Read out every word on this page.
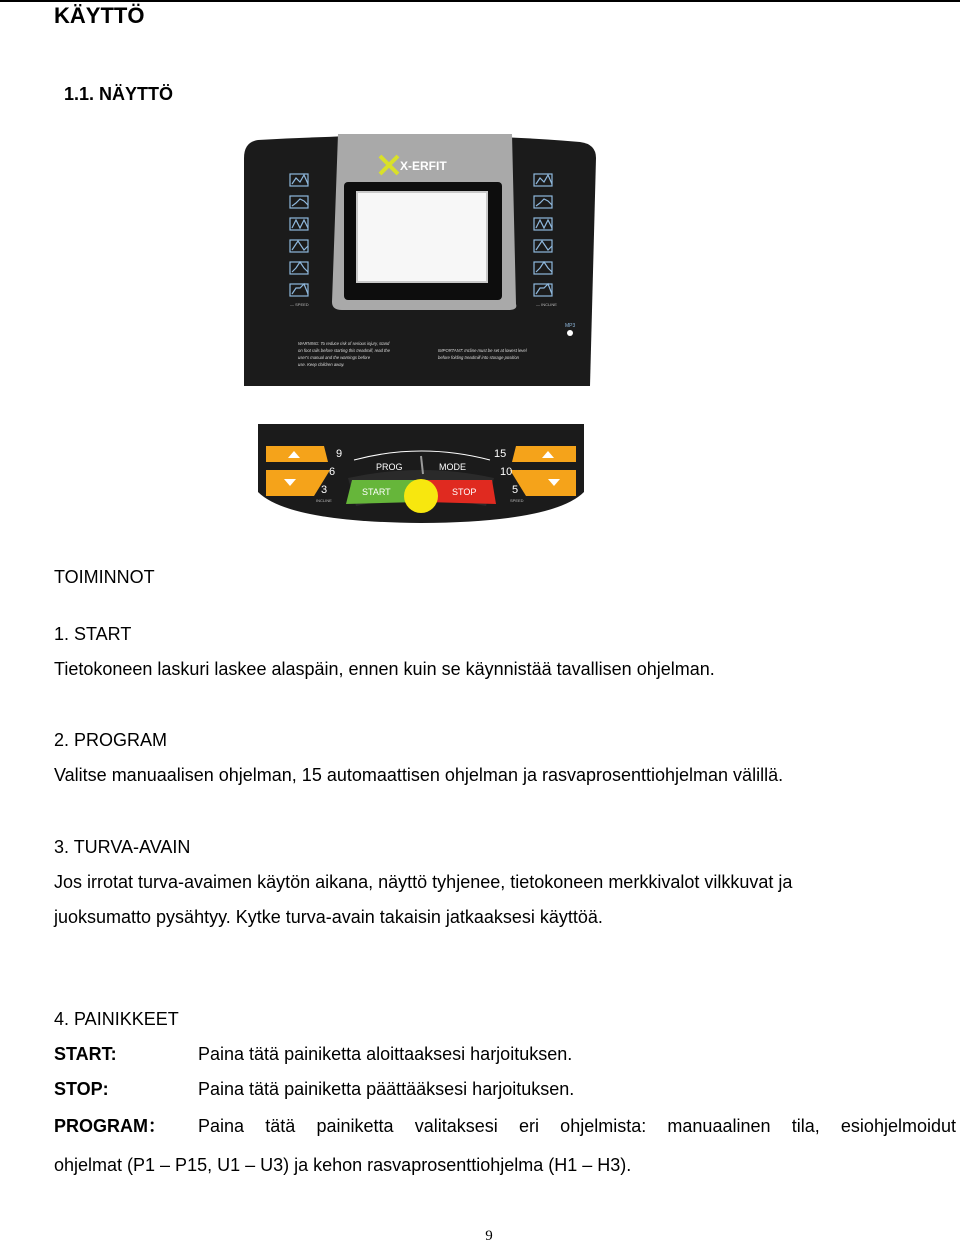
KÄYTTÖ
1.1. NÄYTTÖ
X-ERFIT
— SPEED	— INCLINE
MP3
WARNING: To reduce risk of serious injury, stand
on foot rails before starting this treadmill, read the
user's manual and the warnings before
use. Keep children away.
IMPORTANT: Incline must be set at lowest level
before folding treadmill into storage position
9
6
3
INCLINE
15
10
5
SPEED
PROG	MODE
START	STOP
TOIMINNOT
1. START
Tietokoneen laskuri laskee alaspäin, ennen kuin se käynnistää tavallisen ohjelman.
2. PROGRAM
Valitse manuaalisen ohjelman, 15 automaattisen ohjelman ja rasvaprosenttiohjelman välillä.
3. TURVA-AVAIN
Jos irrotat turva-avaimen käytön aikana, näyttö tyhjenee, tietokoneen merkkivalot vilkkuvat ja
juoksumatto pysähtyy. Kytke turva-avain takaisin jatkaaksesi käyttöä.
4. PAINIKKEET
START:	Paina tätä painiketta aloittaaksesi harjoituksen.
STOP:	Paina tätä painiketta päättääksesi harjoituksen.
PROGRAM： Paina tätä painiketta valitaksesi eri ohjelmista: manuaalinen tila, esiohjelmoidut
ohjelmat (P1 – P15, U1 – U3) ja kehon rasvaprosenttiohjelma (H1 – H3).
9
